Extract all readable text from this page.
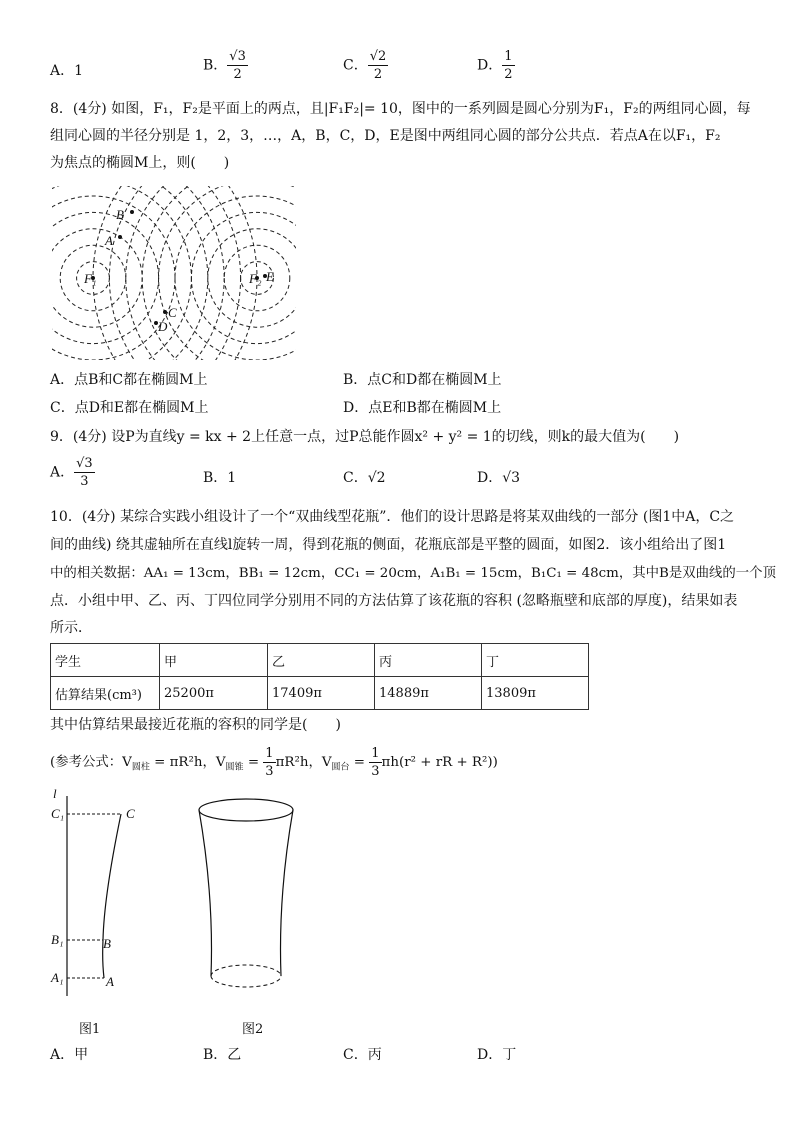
A．1	B． $\frac{√3}{2}$	C． $\frac{√2}{2}$	D． $\frac{1}{2}$
8．(4分) 如图，F₁，F₂是平面上的两点，且|F₁F₂|= 10，图中的一系列圆是圆心分别为F₁，F₂的两组同心圆，每
组同心圆的半径分别是 1，2，3，…，A，B，C，D，E是图中两组同心圆的部分公共点．若点A在以F₁，F₂
为焦点的椭圆M上，则(　　)
B
A
F₁	F₂ E
C
D
A．点B和C都在椭圆M上	B．点C和D都在椭圆M上
C．点D和E都在椭圆M上	D．点E和B都在椭圆M上
9．(4分) 设P为直线y = kx + 2上任意一点，过P总能作圆x² + y² = 1的切线，则k的最大值为(　　)
A． $\frac{√3}{3}$	B．1	C．√2	D．√3
10．(4分) 某综合实践小组设计了一个“双曲线型花瓶”．他们的设计思路是将某双曲线的一部分 (图1中A，C之
间的曲线) 绕其虚轴所在直线l旋转一周，得到花瓶的侧面，花瓶底部是平整的圆面，如图2．该小组给出了图1
中的相关数据：AA₁ = 13cm，BB₁ = 12cm，CC₁ = 20cm，A₁B₁ = 15cm，B₁C₁ = 48cm，其中B是双曲线的一个顶
点．小组中甲、乙、丙、丁四位同学分别用不同的方法估算了该花瓶的容积 (忽略瓶壁和底部的厚度)，结果如表
所示．
学生	甲	乙	丙	丁
估算结果(cm³)	25200π	17409π	14889π	13809π
其中估算结果最接近花瓶的容积的同学是(　　)
(参考公式：$V_{圆柱} = \pi R^2h$，$V_{圆锥} = \frac{1}{3} \pi R^2h$，$V_{圆台} = \frac{1}{3} \pi h(r^2$ + rR + R²))
l
C₁	C
B₁	B
A₁	A
图1	图2
A．甲	B．乙	C．丙	D．丁
